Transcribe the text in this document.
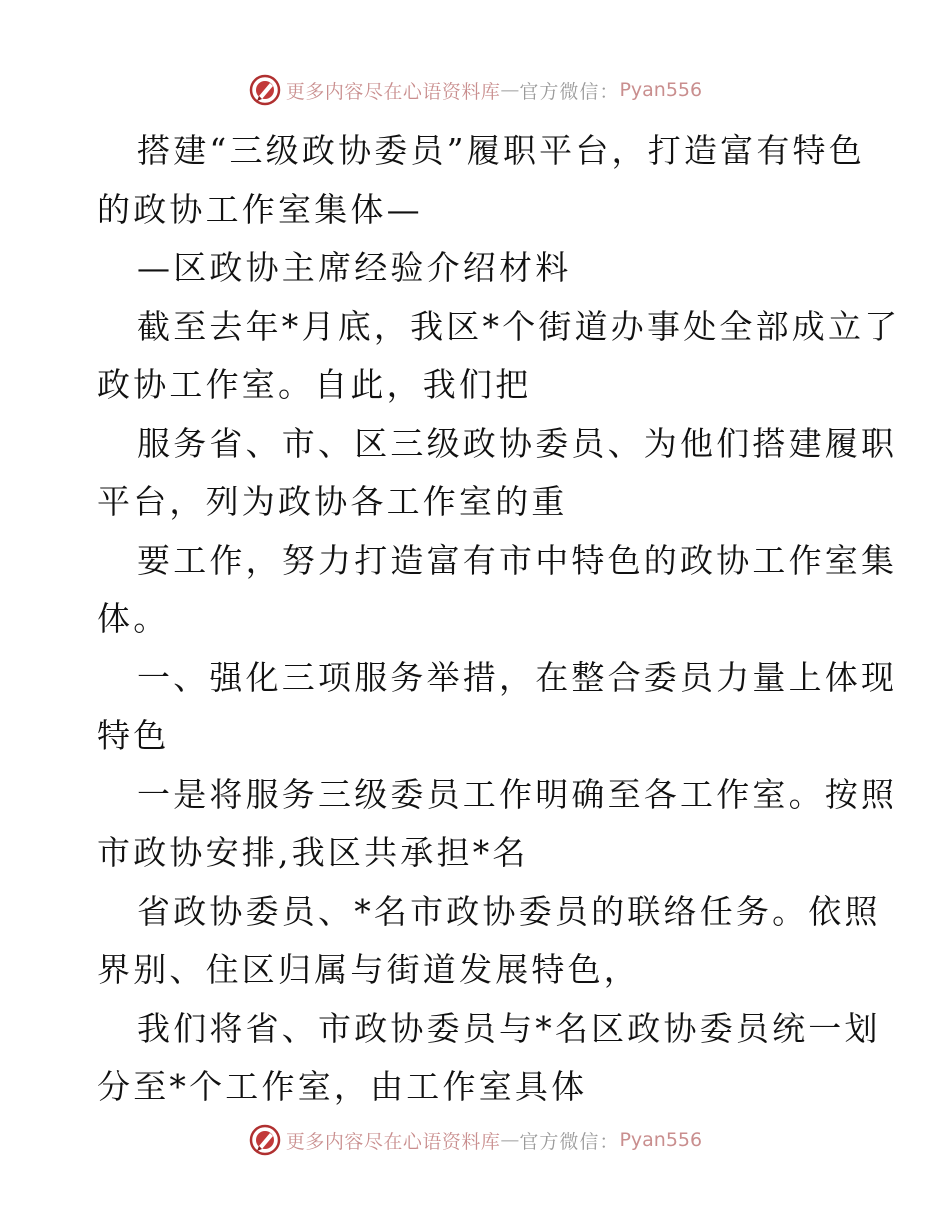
更多内容尽在心语资料库 — 官方微信： Pyan556
搭建“三级政协委员”履职平台，打造富有特色
的政协工作室集体—
—区政协主席经验介绍材料
截至去年*月底，我区*个街道办事处全部成立了
政协工作室。自此，我们把
服务省、市、区三级政协委员、为他们搭建履职
平台，列为政协各工作室的重
要工作，努力打造富有市中特色的政协工作室集
体。
一、强化三项服务举措，在整合委员力量上体现
特色
一是将服务三级委员工作明确至各工作室。按照
市政协安排,我区共承担*名
省政协委员、*名市政协委员的联络任务。依照
界别、住区归属与街道发展特色，
我们将省、市政协委员与*名区政协委员统一划
分至*个工作室，由工作室具体
更多内容尽在心语资料库 — 官方微信： Pyan556
